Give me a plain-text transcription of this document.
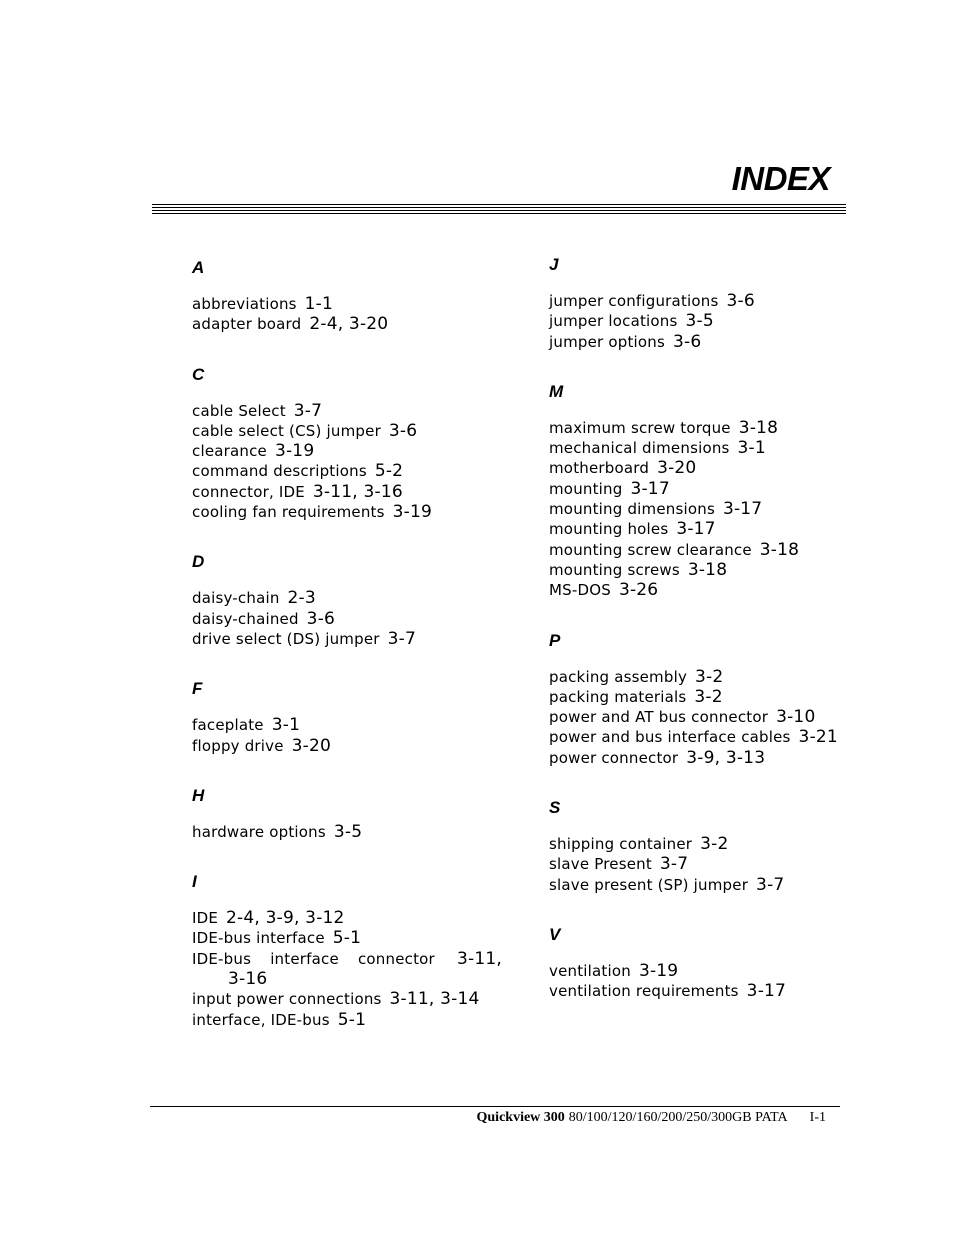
INDEX
A
abbreviations 1-1
adapter board 2-4, 3-20
C
cable Select 3-7
cable select (CS) jumper 3-6
clearance 3-19
command descriptions 5-2
connector, IDE 3-11, 3-16
cooling fan requirements 3-19
D
daisy-chain 2-3
daisy-chained 3-6
drive select (DS) jumper 3-7
F
faceplate 3-1
floppy drive 3-20
H
hardware options 3-5
I
IDE 2-4, 3-9, 3-12
IDE-bus interface 5-1
IDE-bus interface connector 3-11,
3-16
input power connections 3-11, 3-14
interface, IDE-bus 5-1
J
jumper configurations 3-6
jumper locations 3-5
jumper options 3-6
M
maximum screw torque 3-18
mechanical dimensions 3-1
motherboard 3-20
mounting 3-17
mounting dimensions 3-17
mounting holes 3-17
mounting screw clearance 3-18
mounting screws 3-18
MS-DOS 3-26
P
packing assembly 3-2
packing materials 3-2
power and AT bus connector 3-10
power and bus interface cables 3-21
power connector 3-9, 3-13
S
shipping container 3-2
slave Present 3-7
slave present (SP) jumper 3-7
V
ventilation 3-19
ventilation requirements 3-17
Quickview 300 80/100/120/160/200/250/300GB PATA I-1
